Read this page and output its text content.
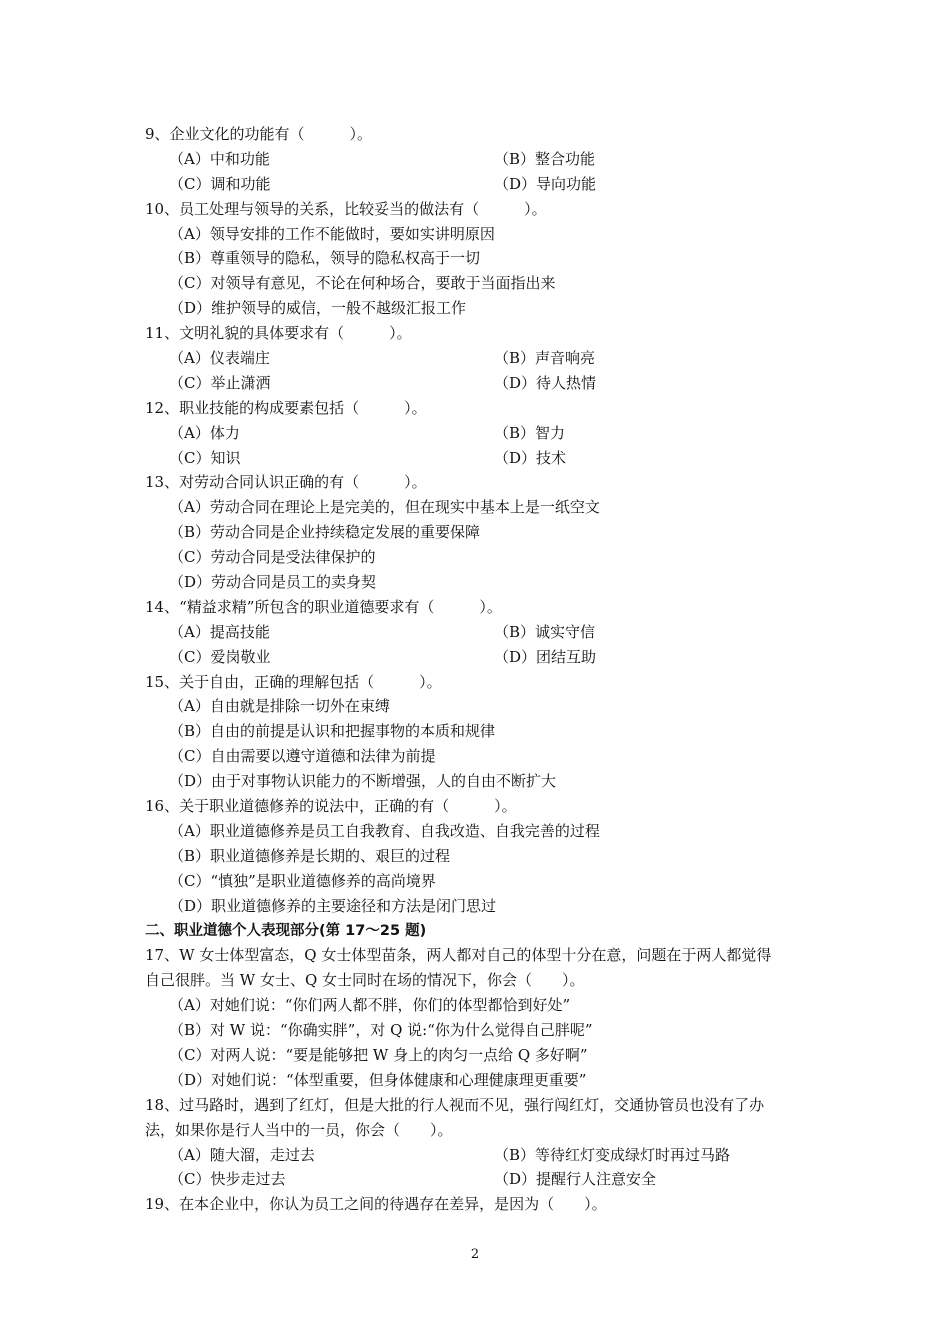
9、企业文化的功能有（　　　）。
（A）中和功能	（B）整合功能
（C）调和功能	（D）导向功能
10、员工处理与领导的关系，比较妥当的做法有（　　　）。
（A）领导安排的工作不能做时，要如实讲明原因
（B）尊重领导的隐私，领导的隐私权高于一切
（C）对领导有意见，不论在何种场合，要敢于当面指出来
（D）维护领导的威信，一般不越级汇报工作
11、文明礼貌的具体要求有（　　　）。
（A）仪表端庄	（B）声音响亮
（C）举止潇洒	（D）待人热情
12、职业技能的构成要素包括（　　　）。
（A）体力	（B）智力
（C）知识	（D）技术
13、对劳动合同认识正确的有（　　　）。
（A）劳动合同在理论上是完美的，但在现实中基本上是一纸空文
（B）劳动合同是企业持续稳定发展的重要保障
（C）劳动合同是受法律保护的
（D）劳动合同是员工的卖身契
14、“精益求精”所包含的职业道德要求有（　　　）。
（A）提高技能	（B）诚实守信
（C）爱岗敬业	（D）团结互助
15、关于自由，正确的理解包括（　　　）。
（A）自由就是排除一切外在束缚
（B）自由的前提是认识和把握事物的本质和规律
（C）自由需要以遵守道德和法律为前提
（D）由于对事物认识能力的不断增强，人的自由不断扩大
16、关于职业道德修养的说法中，正确的有（　　　）。
（A）职业道德修养是员工自我教育、自我改造、自我完善的过程
（B）职业道德修养是长期的、艰巨的过程
（C）“慎独”是职业道德修养的高尚境界
（D）职业道德修养的主要途径和方法是闭门思过
二、职业道德个人表现部分(第 17～25 题)
17、W 女士体型富态，Q 女士体型苗条，两人都对自己的体型十分在意，问题在于两人都觉得
自己很胖。当 W 女士、Q 女士同时在场的情况下，你会（　　）。
（A）对她们说：“你们两人都不胖，你们的体型都恰到好处”
（B）对 W 说：“你确实胖”，对 Q 说:“你为什么觉得自己胖呢”
（C）对两人说：“要是能够把 W 身上的肉匀一点给 Q 多好啊”
（D）对她们说：“体型重要，但身体健康和心理健康理更重要”
18、过马路时，遇到了红灯，但是大批的行人视而不见，强行闯红灯，交通协管员也没有了办
法，如果你是行人当中的一员，你会（　　）。
（A）随大溜，走过去	（B）等待红灯变成绿灯时再过马路
（C）快步走过去	（D）提醒行人注意安全
19、在本企业中，你认为员工之间的待遇存在差异，是因为（　　）。
2
